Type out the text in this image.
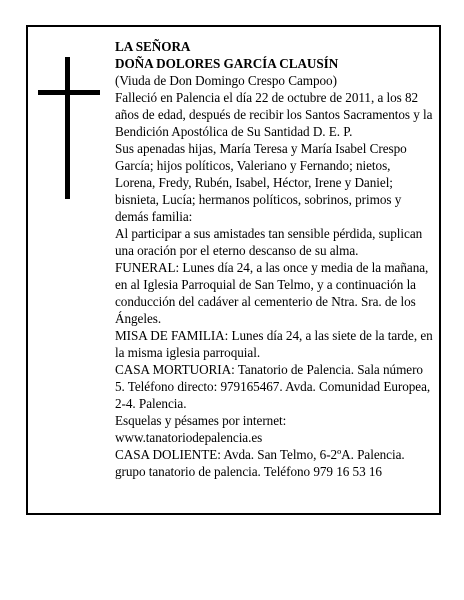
LA SEÑORA

DOÑA DOLORES GARCÍA CLAUSÍN

(Viuda de Don Domingo Crespo Campoo)

Falleció en Palencia el día 22 de octubre de 2011, a los 82 años de edad, después de recibir los Santos Sacramentos y la Bendición Apostólica de Su Santidad D. E. P.

Sus apenadas hijas, María Teresa y María Isabel Crespo García; hijos políticos, Valeriano y Fernando; nietos, Lorena, Fredy, Rubén, Isabel, Héctor, Irene y Daniel; bisnieta, Lucía; hermanos políticos, sobrinos, primos y demás familia:

Al participar a sus amistades tan sensible pérdida, suplican una oración por el eterno descanso de su alma.

FUNERAL: Lunes día 24, a las once y media de la mañana, en al Iglesia Parroquial de San Telmo, y a continuación la conducción del cadáver al cementerio de Ntra. Sra. de los Ángeles.

MISA DE FAMILIA: Lunes día 24, a las siete de la tarde, en la misma iglesia parroquial.

CASA MORTUORIA: Tanatorio de Palencia. Sala número 5. Teléfono directo: 979165467. Avda. Comunidad Europea, 2-4. Palencia.

Esquelas y pésames por internet: www.tanatoriodepalencia.es

CASA DOLIENTE: Avda. San Telmo, 6-2ºA. Palencia.

grupo tanatorio de palencia. Teléfono 979 16 53 16
